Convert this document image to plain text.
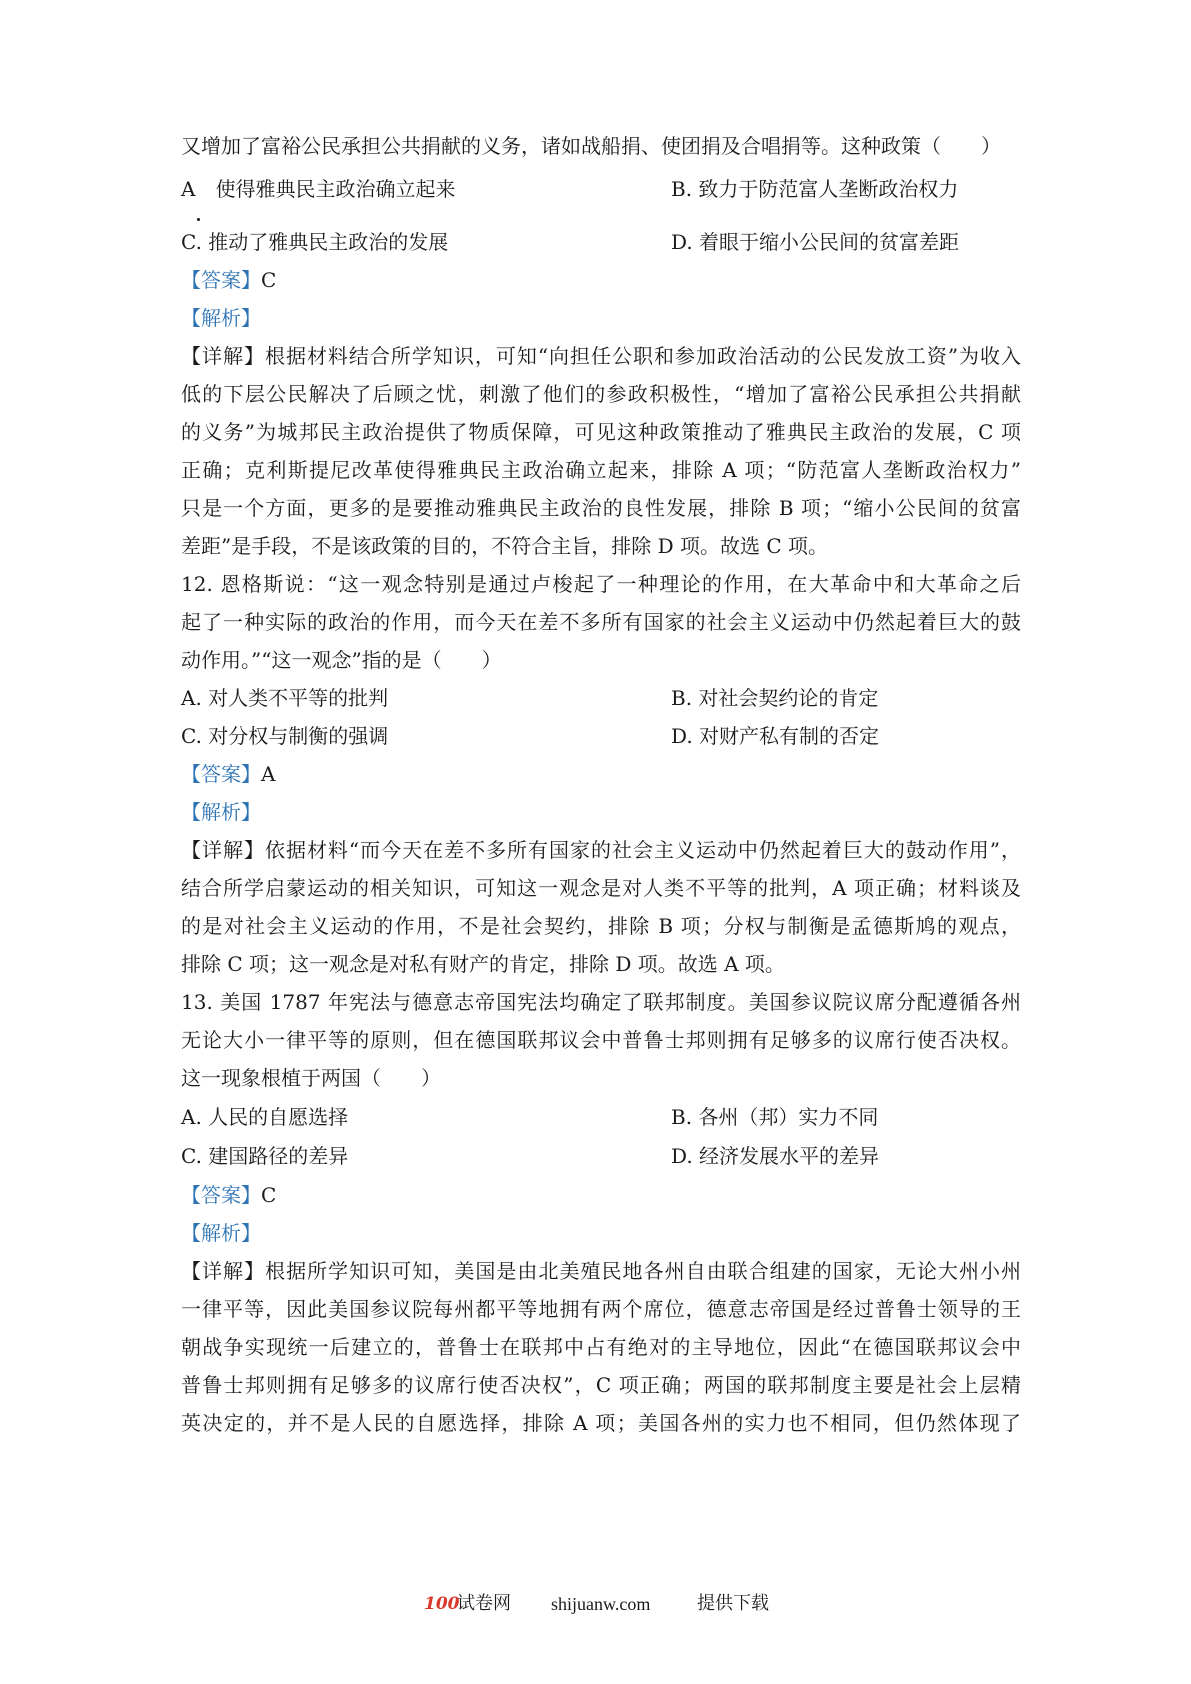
又增加了富裕公民承担公共捐献的义务，诸如战船捐、使团捐及合唱捐等。这种政策（　　）
A　使得雅典民主政治确立起来	B. 致力于防范富人垄断政治权力
C. 推动了雅典民主政治的发展	D. 着眼于缩小公民间的贫富差距
【答案】C
【解析】
【详解】根据材料结合所学知识，可知“向担任公职和参加政治活动的公民发放工资”为收入
低的下层公民解决了后顾之忧，刺激了他们的参政积极性，“增加了富裕公民承担公共捐献
的义务”为城邦民主政治提供了物质保障，可见这种政策推动了雅典民主政治的发展，C 项
正确；克利斯提尼改革使得雅典民主政治确立起来，排除 A 项；“防范富人垄断政治权力”
只是一个方面，更多的是要推动雅典民主政治的良性发展，排除 B 项；“缩小公民间的贫富
差距”是手段，不是该政策的目的，不符合主旨，排除 D 项。故选 C 项。
12. 恩格斯说：“这一观念特别是通过卢梭起了一种理论的作用，在大革命中和大革命之后
起了一种实际的政治的作用，而今天在差不多所有国家的社会主义运动中仍然起着巨大的鼓
动作用。”“这一观念”指的是（　　）
A. 对人类不平等的批判	B. 对社会契约论的肯定
C. 对分权与制衡的强调	D. 对财产私有制的否定
【答案】A
【解析】
【详解】依据材料“而今天在差不多所有国家的社会主义运动中仍然起着巨大的鼓动作用”，
结合所学启蒙运动的相关知识，可知这一观念是对人类不平等的批判，A 项正确；材料谈及
的是对社会主义运动的作用，不是社会契约，排除 B 项；分权与制衡是孟德斯鸠的观点，
排除 C 项；这一观念是对私有财产的肯定，排除 D 项。故选 A 项。
13. 美国 1787 年宪法与德意志帝国宪法均确定了联邦制度。美国参议院议席分配遵循各州
无论大小一律平等的原则，但在德国联邦议会中普鲁士邦则拥有足够多的议席行使否决权。
这一现象根植于两国（　　）
A. 人民的自愿选择	B. 各州（邦）实力不同
C. 建国路径的差异	D. 经济发展水平的差异
【答案】C
【解析】
【详解】根据所学知识可知，美国是由北美殖民地各州自由联合组建的国家，无论大州小州
一律平等，因此美国参议院每州都平等地拥有两个席位，德意志帝国是经过普鲁士领导的王
朝战争实现统一后建立的，普鲁士在联邦中占有绝对的主导地位，因此“在德国联邦议会中
普鲁士邦则拥有足够多的议席行使否决权”，C 项正确；两国的联邦制度主要是社会上层精
英决定的，并不是人民的自愿选择，排除 A 项；美国各州的实力也不相同，但仍然体现了
100
试卷网 shijuanw.com	提供下载
